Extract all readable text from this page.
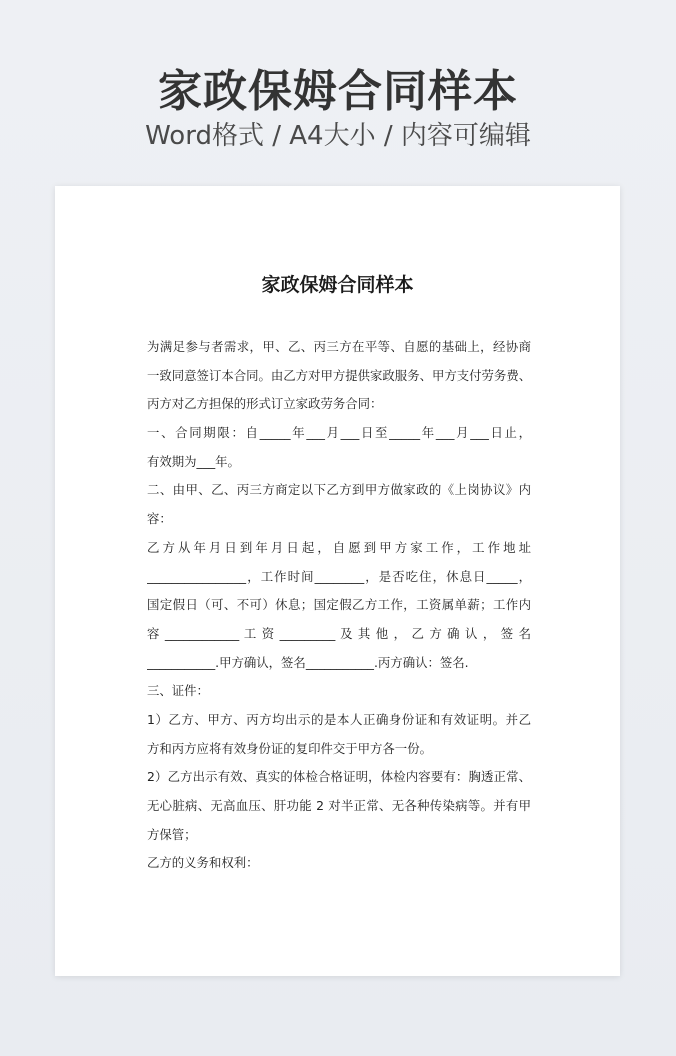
家政保姆合同样本
Word格式 / A4大小 / 内容可编辑
家政保姆合同样本
为满足参与者需求，甲、乙、丙三方在平等、自愿的基础上，经协商
一致同意签订本合同。由乙方对甲方提供家政服务、甲方支付劳务费、
丙方对乙方担保的形式订立家政劳务合同：
一、合同期限：自_____年___月___日至_____年___月___日止，
有效期为___年。
二、由甲、乙、丙三方商定以下乙方到甲方做家政的《上岗协议》内
容：
乙方从年月日到年月日起，自愿到甲方家工作，工作地址
________________，工作时间________，是否吃住，休息日_____，
国定假日（可、不可）休息；国定假乙方工作，工资属单薪；工作内
容 ____________ 工 资 _________ 及 其 他 ， 乙 方 确 认 ， 签 名
___________.甲方确认，签名___________.丙方确认：签名.
三、证件：
1）乙方、甲方、丙方均出示的是本人正确身份证和有效证明。并乙
方和丙方应将有效身份证的复印件交于甲方各一份。
2）乙方出示有效、真实的体检合格证明，体检内容要有：胸透正常、
无心脏病、无高血压、肝功能 2 对半正常、无各种传染病等。并有甲
方保管；
乙方的义务和权利：
